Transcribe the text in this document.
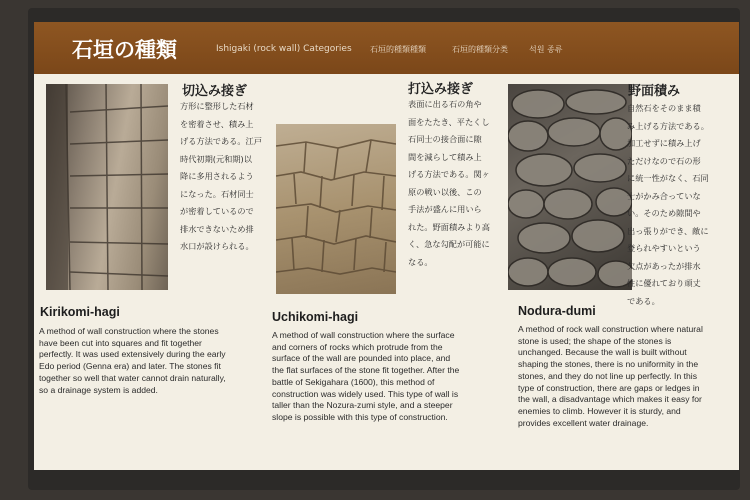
石垣の種類	Ishigaki (rock wall) Categories 石垣的種類種類	石垣的種類分类	석원 종류
切込み接ぎ
方形に整形した石材
を密着させ、積み上
げる方法である。江戸
時代初期(元和期)以
降に多用されるよう
になった。石材同士
が密着しているので
排水できないため排
水口が設けられる。
Kirikomi-hagi
A method of wall construction where the stones
have been cut into squares and fit together
perfectly. It was used extensively during the early
Edo period (Genna era) and later. The stones fit
together so well that water cannot drain naturally,
so a drainage system is added.
打込み接ぎ
表面に出る石の角や
面をたたき、平たくし
石同士の接合面に隙
間を減らして積み上
げる方法である。関ヶ
原の戦い以後、この
手法が盛んに用いら
れた。野面積みより高
く、急な勾配が可能に
なる。
Uchikomi-hagi
A method of wall construction where the surface
and corners of rocks which protrude from the
surface of the wall are pounded into place, and
the flat surfaces of the stone fit together. After the
battle of Sekigahara (1600), this method of
construction was widely used. This type of wall is
taller than the Nozura-zumi style, and a steeper
slope is possible with this type of construction.
野面積み
自然石をそのまま積
み上げる方法である。
加工せずに積み上げ
ただけなので石の形
に統一性がなく、石同
士がかみ合っていな
い。そのため隙間や
出っ張りができ、敵に
登られやすいという
欠点があったが排水
性に優れており頑丈
である。
Nodura-dumi
A method of rock wall construction where natural
stone is used; the shape of the stones is
unchanged. Because the wall is built without
shaping the stones, there is no uniformity in the
stones, and they do not line up perfectly. In this
type of construction, there are gaps or ledges in
the wall, a disadvantage which makes it easy for
enemies to climb. However it is sturdy, and
provides excellent water drainage.
